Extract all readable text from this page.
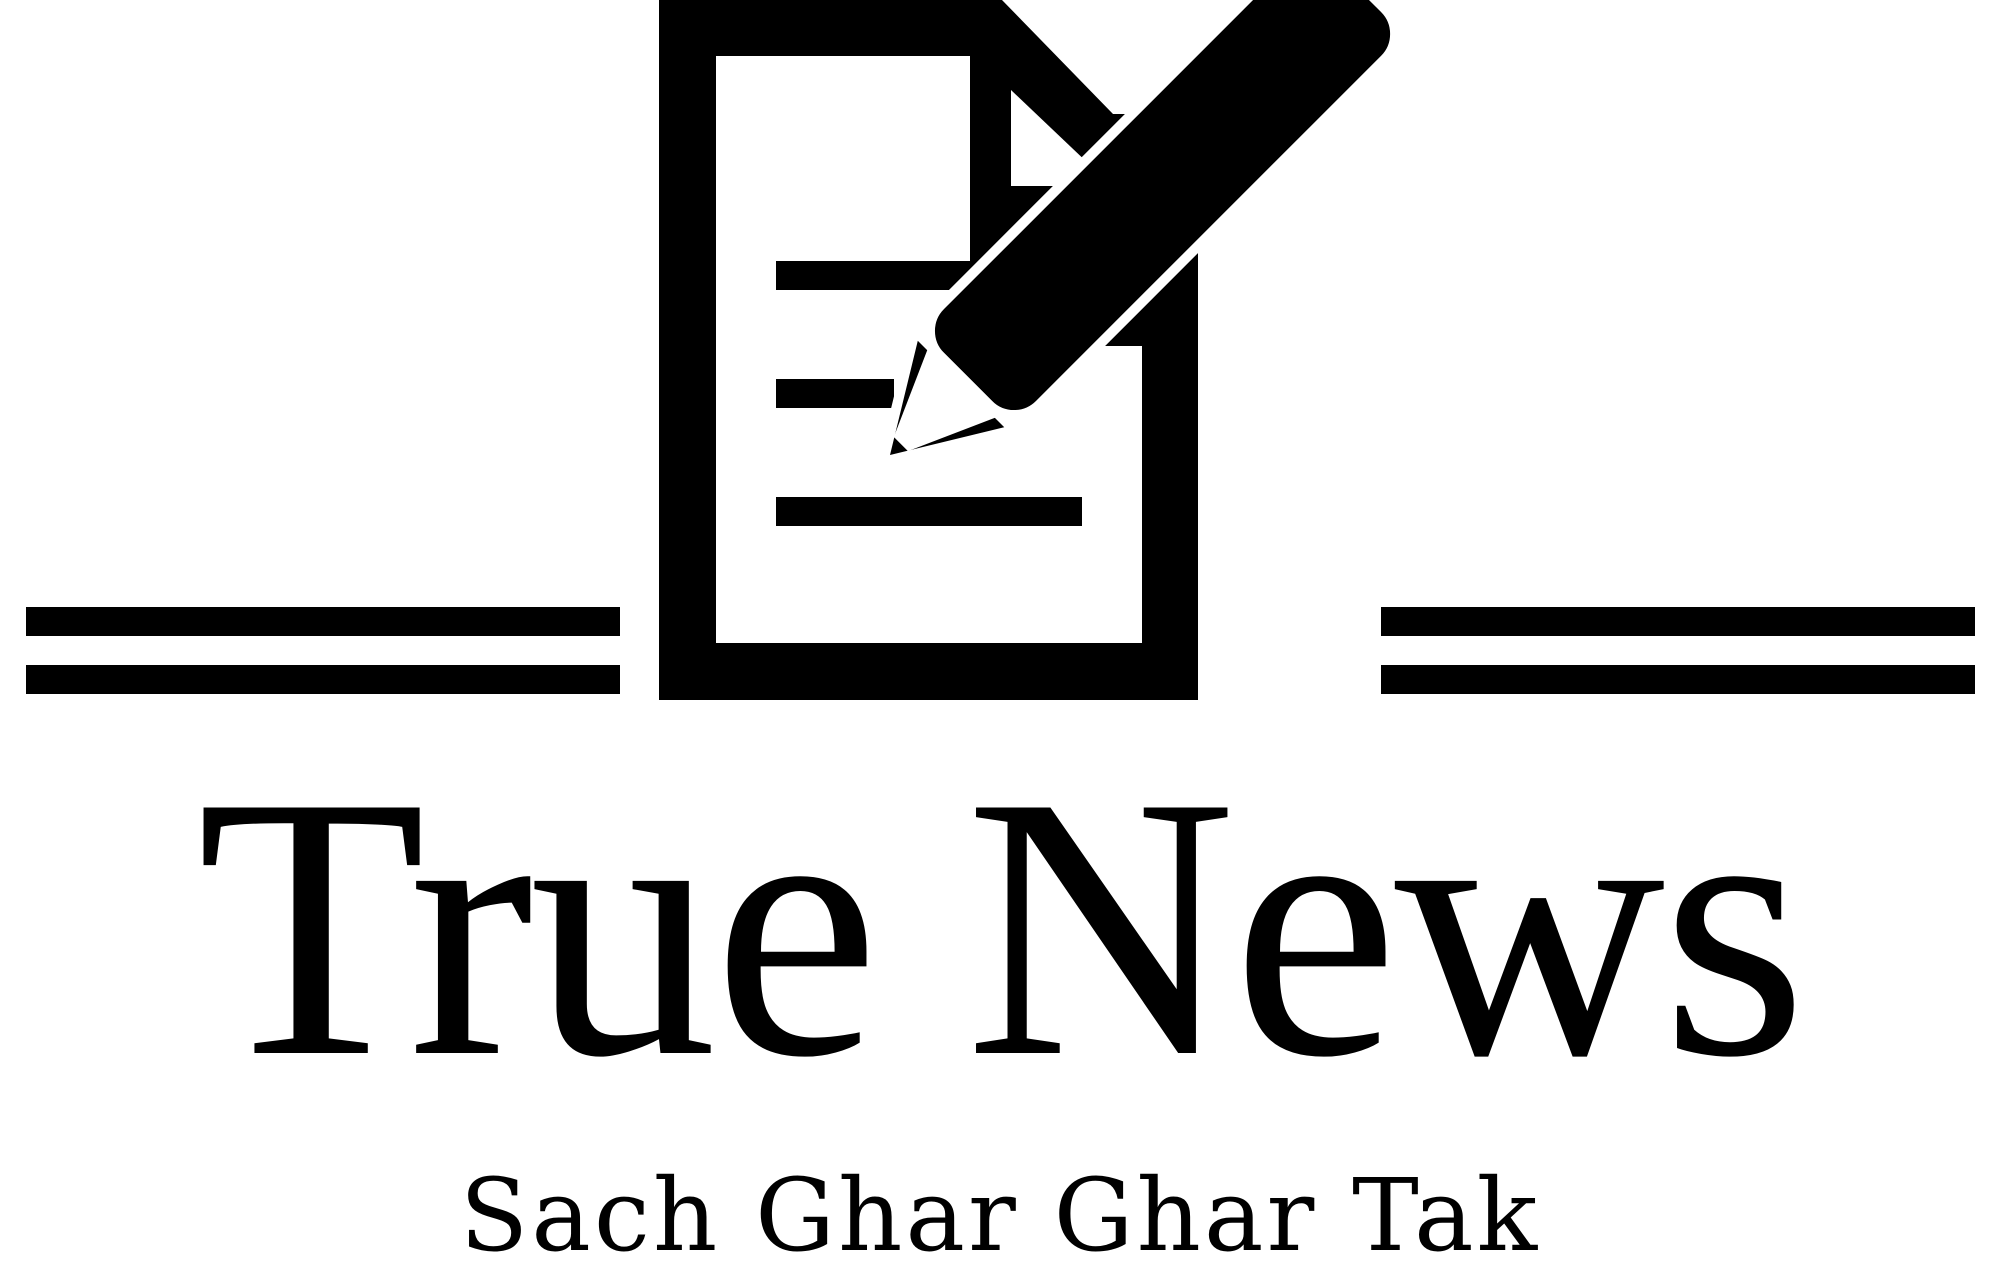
True News
Sach Ghar Ghar Tak
